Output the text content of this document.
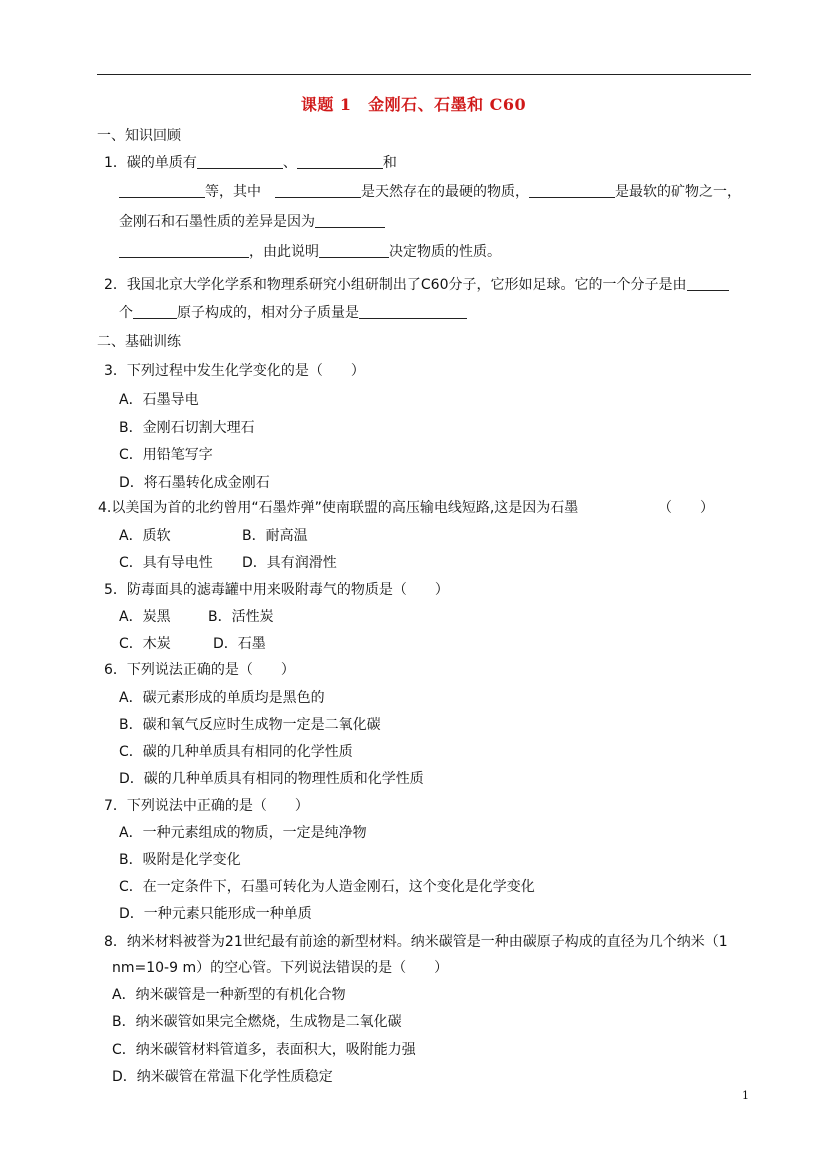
课题 1　金刚石、石墨和 C60
一、知识回顾
1．碳的单质有	、	和
等，其中　	是天然存在的最硬的物质，	是最软的矿物之一，
金刚石和石墨性质的差异是因为
，由此说明	决定物质的性质。
2．我国北京大学化学系和物理系研究小组研制出了C60分子，它形如足球。它的一个分子是由
个	原子构成的，相对分子质量是
二、基础训练
3．下列过程中发生化学变化的是（　　）
A．石墨导电
B．金刚石切割大理石
C．用铅笔写字
D．将石墨转化成金刚石
4.以美国为首的北约曾用“石墨炸弹”使南联盟的高压输电线短路,这是因为石墨	（　　）
A．质软	B．耐高温
C．具有导电性 D．具有润滑性
5．防毒面具的滤毒罐中用来吸附毒气的物质是（　　）
A．炭黑	B．活性炭
C．木炭	D．石墨
6．下列说法正确的是（　　）
A．碳元素形成的单质均是黑色的
B．碳和氧气反应时生成物一定是二氧化碳
C．碳的几种单质具有相同的化学性质
D．碳的几种单质具有相同的物理性质和化学性质
7．下列说法中正确的是（　　）
A．一种元素组成的物质，一定是纯净物
B．吸附是化学变化
C．在一定条件下，石墨可转化为人造金刚石，这个变化是化学变化
D．一种元素只能形成一种单质
8．纳米材料被誉为21世纪最有前途的新型材料。纳米碳管是一种由碳原子构成的直径为几个纳米（1
nm=10-9 m）的空心管。下列说法错误的是（　　）
A．纳米碳管是一种新型的有机化合物
B．纳米碳管如果完全燃烧，生成物是二氧化碳
C．纳米碳管材料管道多，表面积大，吸附能力强
D．纳米碳管在常温下化学性质稳定
1
